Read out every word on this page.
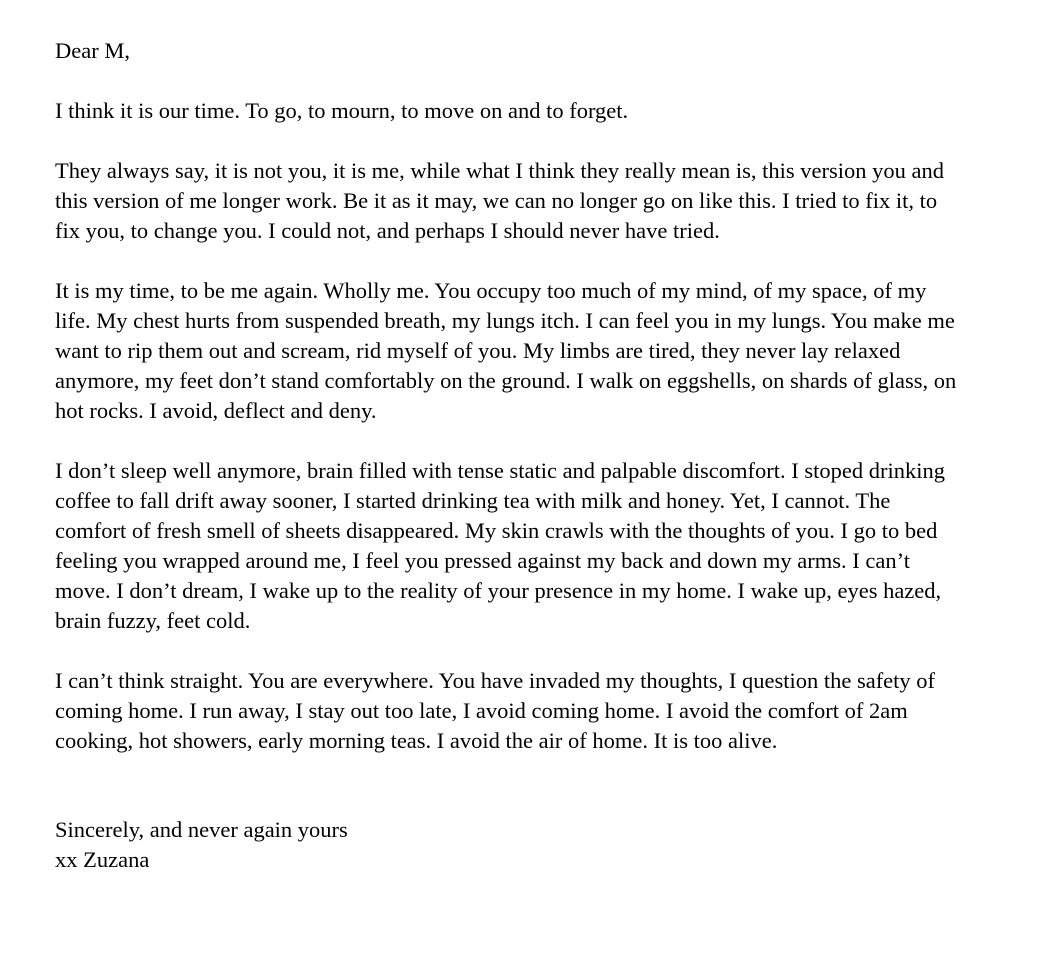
Dear M,

I think it is our time. To go, to mourn, to move on and to forget.

They always say, it is not you, it is me, while what I think they really mean is, this version you and
this version of me longer work. Be it as it may, we can no longer go on like this. I tried to fix it, to
fix you, to change you. I could not, and perhaps I should never have tried.

It is my time, to be me again. Wholly me. You occupy too much of my mind, of my space, of my
life. My chest hurts from suspended breath, my lungs itch. I can feel you in my lungs. You make me
want to rip them out and scream, rid myself of you. My limbs are tired, they never lay relaxed
anymore, my feet don’t stand comfortably on the ground. I walk on eggshells, on shards of glass, on
hot rocks. I avoid, deflect and deny.

I don’t sleep well anymore, brain filled with tense static and palpable discomfort. I stoped drinking
coffee to fall drift away sooner, I started drinking tea with milk and honey. Yet, I cannot. The
comfort of fresh smell of sheets disappeared. My skin crawls with the thoughts of you. I go to bed
feeling you wrapped around me, I feel you pressed against my back and down my arms. I can’t
move. I don’t dream, I wake up to the reality of your presence in my home. I wake up, eyes hazed,
brain fuzzy, feet cold.

I can’t think straight. You are everywhere. You have invaded my thoughts, I question the safety of
coming home. I run away, I stay out too late, I avoid coming home. I avoid the comfort of 2am
cooking, hot showers, early morning teas. I avoid the air of home. It is too alive.

Sincerely, and never again yours
xx Zuzana
